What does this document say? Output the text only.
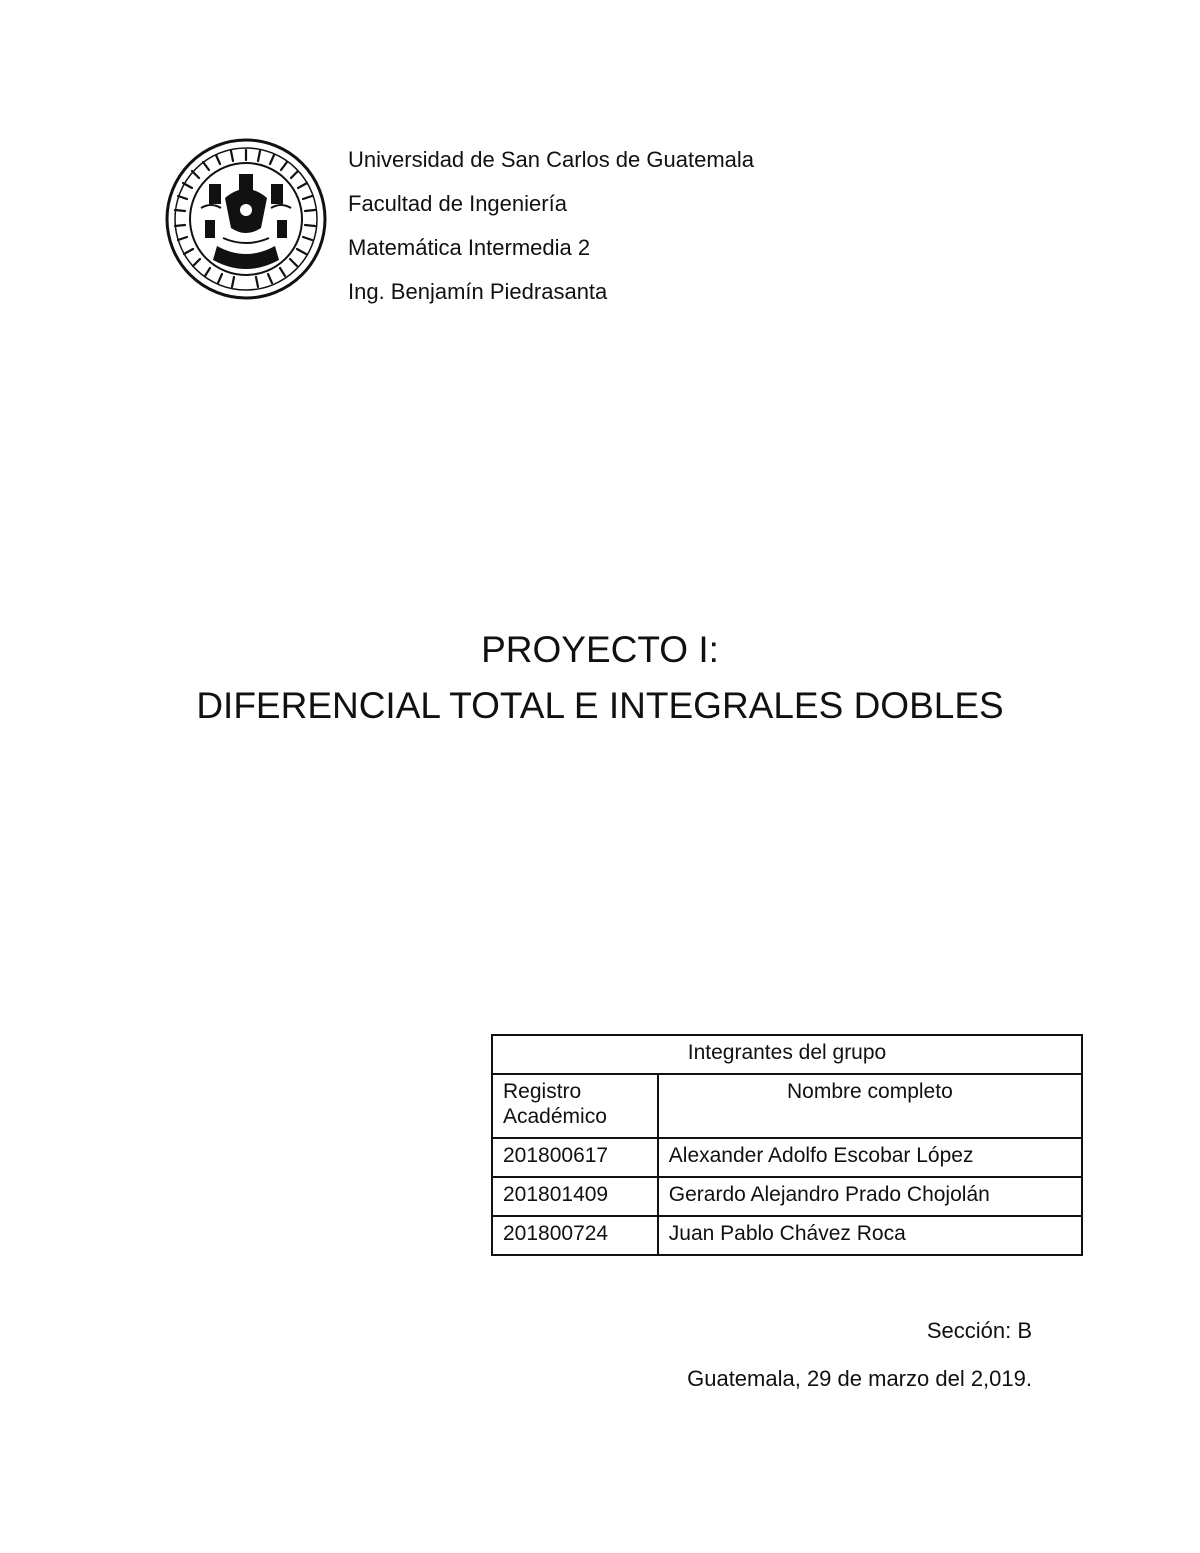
Universidad de San Carlos de Guatemala
Facultad de Ingeniería
Matemática Intermedia 2
Ing. Benjamín Piedrasanta
PROYECTO I:
DIFERENCIAL TOTAL E INTEGRALES DOBLES
Integrantes del grupo	
Registro Académico	Nombre completo
201800617	Alexander Adolfo Escobar López
201801409	Gerardo Alejandro Prado Chojolán
201800724	Juan Pablo Chávez Roca
Sección: B
Guatemala, 29 de marzo del 2,019.
